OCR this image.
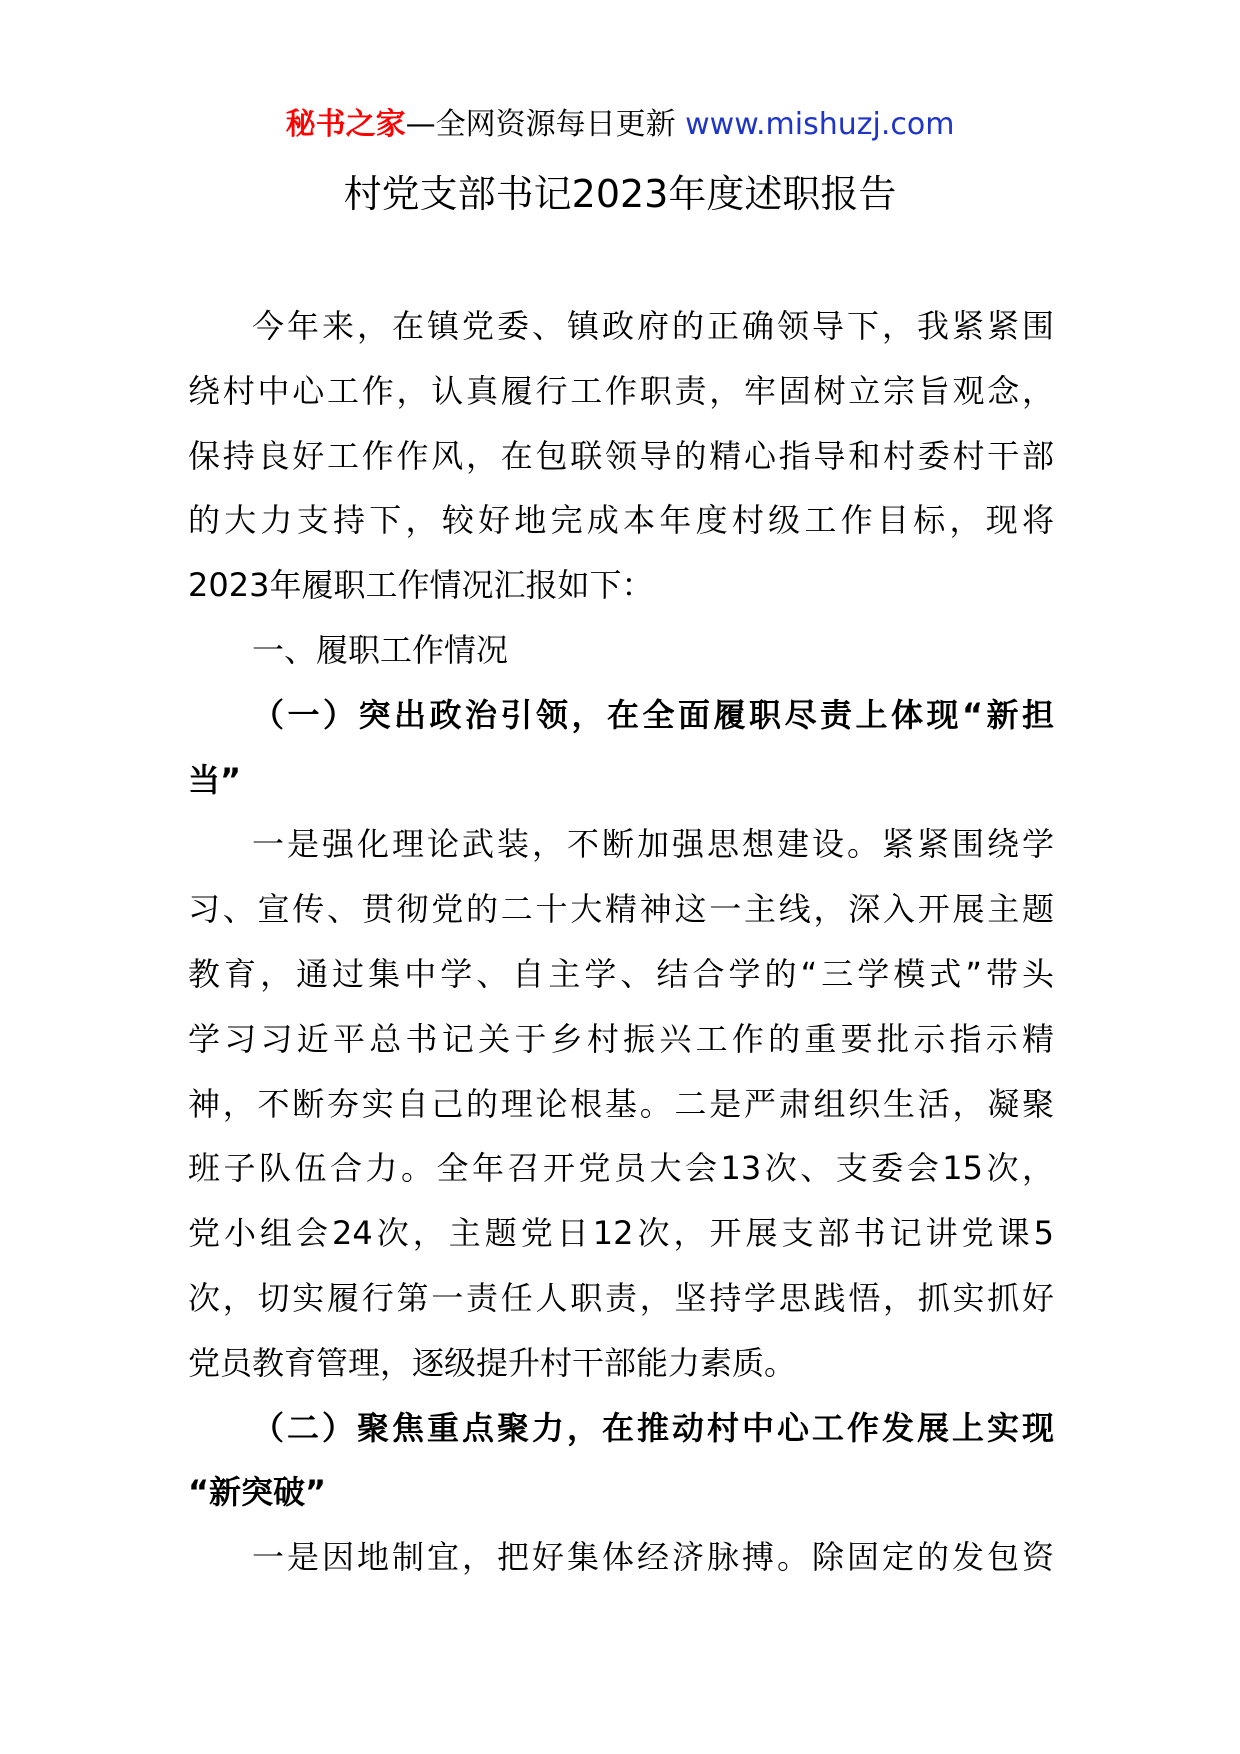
秘书之家—全网资源每日更新 www.mishuzj.com
村党支部书记2023年度述职报告
今年来，在镇党委、镇政府的正确领导下，我紧紧围
绕村中心工作，认真履行工作职责，牢固树立宗旨观念，
保持良好工作作风，在包联领导的精心指导和村委村干部
的大力支持下，较好地完成本年度村级工作目标，现将
2023年履职工作情况汇报如下：
一、履职工作情况
（一）突出政治引领，在全面履职尽责上体现“新担
当”
一是强化理论武装，不断加强思想建设。紧紧围绕学
习、宣传、贯彻党的二十大精神这一主线，深入开展主题
教育，通过集中学、自主学、结合学的“三学模式”带头
学习习近平总书记关于乡村振兴工作的重要批示指示精
神，不断夯实自己的理论根基。二是严肃组织生活，凝聚
班子队伍合力。全年召开党员大会13次、支委会15次，
党小组会24次，主题党日12次，开展支部书记讲党课5
次，切实履行第一责任人职责，坚持学思践悟，抓实抓好
党员教育管理，逐级提升村干部能力素质。
（二）聚焦重点聚力，在推动村中心工作发展上实现
“新突破”
一是因地制宜，把好集体经济脉搏。除固定的发包资
